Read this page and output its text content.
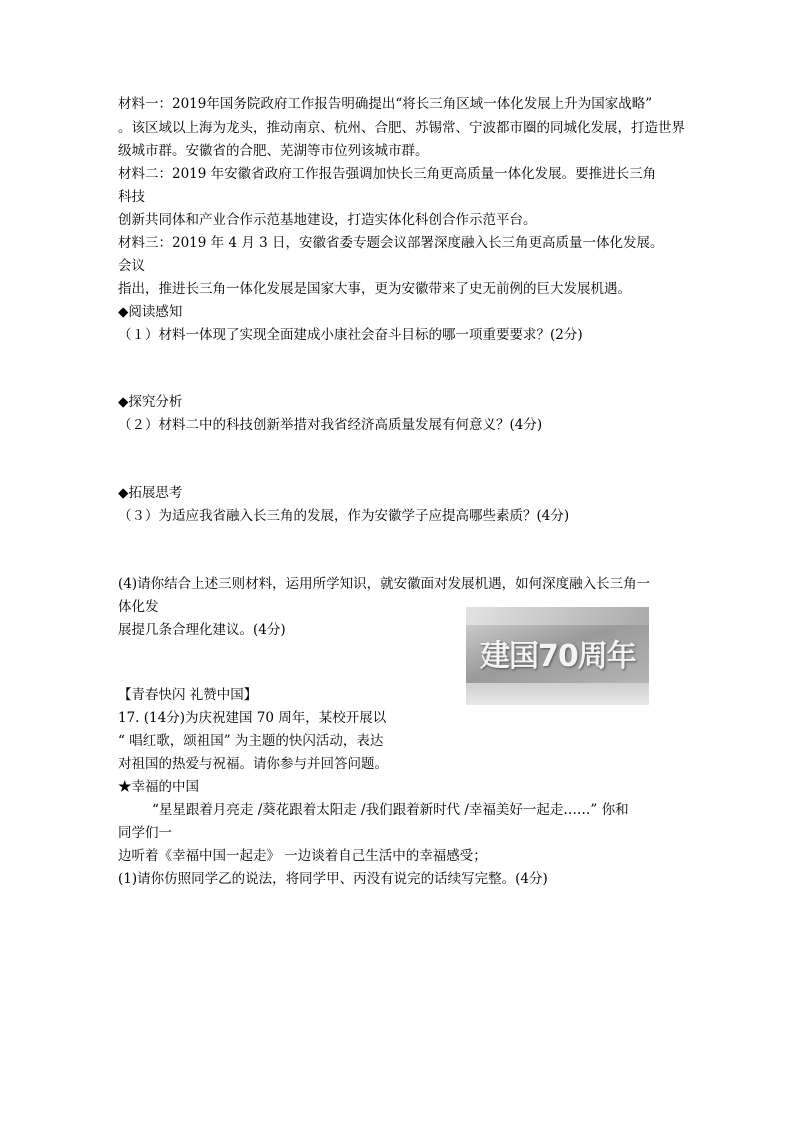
材料一：2019年国务院政府工作报告明确提出“将长三角区域一体化发展上升为国家战略”
。该区域以上海为龙头，推动南京、杭州、合肥、苏锡常、宁波都市圈的同城化发展，打造世界
级城市群。安徽省的合肥、芜湖等市位列该城市群。
材料二：2019 年安徽省政府工作报告强调加快长三角更高质量一体化发展。要推进长三角
科技
创新共同体和产业合作示范基地建设，打造实体化科创合作示范平台。
材料三：2019 年 4 月 3 日，安徽省委专题会议部署深度融入长三角更高质量一体化发展。
会议
指出，推进长三角一体化发展是国家大事，更为安徽带来了史无前例的巨大发展机遇。
◆阅读感知
（１）材料一体现了实现全面建成小康社会奋斗目标的哪一项重要要求？(2分)
◆探究分析
（２）材料二中的科技创新举措对我省经济高质量发展有何意义？(4分)
◆拓展思考
（３）为适应我省融入长三角的发展，作为安徽学子应提高哪些素质？(4分)
(4)请你结合上述三则材料，运用所学知识，就安徽面对发展机遇，如何深度融入长三角一
体化发
展提几条合理化建议。(4分)
建国70周年
【青春快闪 礼赞中国】
17. (14分)为庆祝建国 70 周年，某校开展以
“ 唱红歌，颂祖国” 为主题的快闪活动，表达
对祖国的热爱与祝福。请你参与并回答问题。
★幸福的中国
“星星跟着月亮走 /葵花跟着太阳走 /我们跟着新时代 /幸福美好一起走……” 你和
同学们一
边听着《幸福中国一起走》 一边谈着自己生活中的幸福感受；
(1)请你仿照同学乙的说法，将同学甲、丙没有说完的话续写完整。(4分)
